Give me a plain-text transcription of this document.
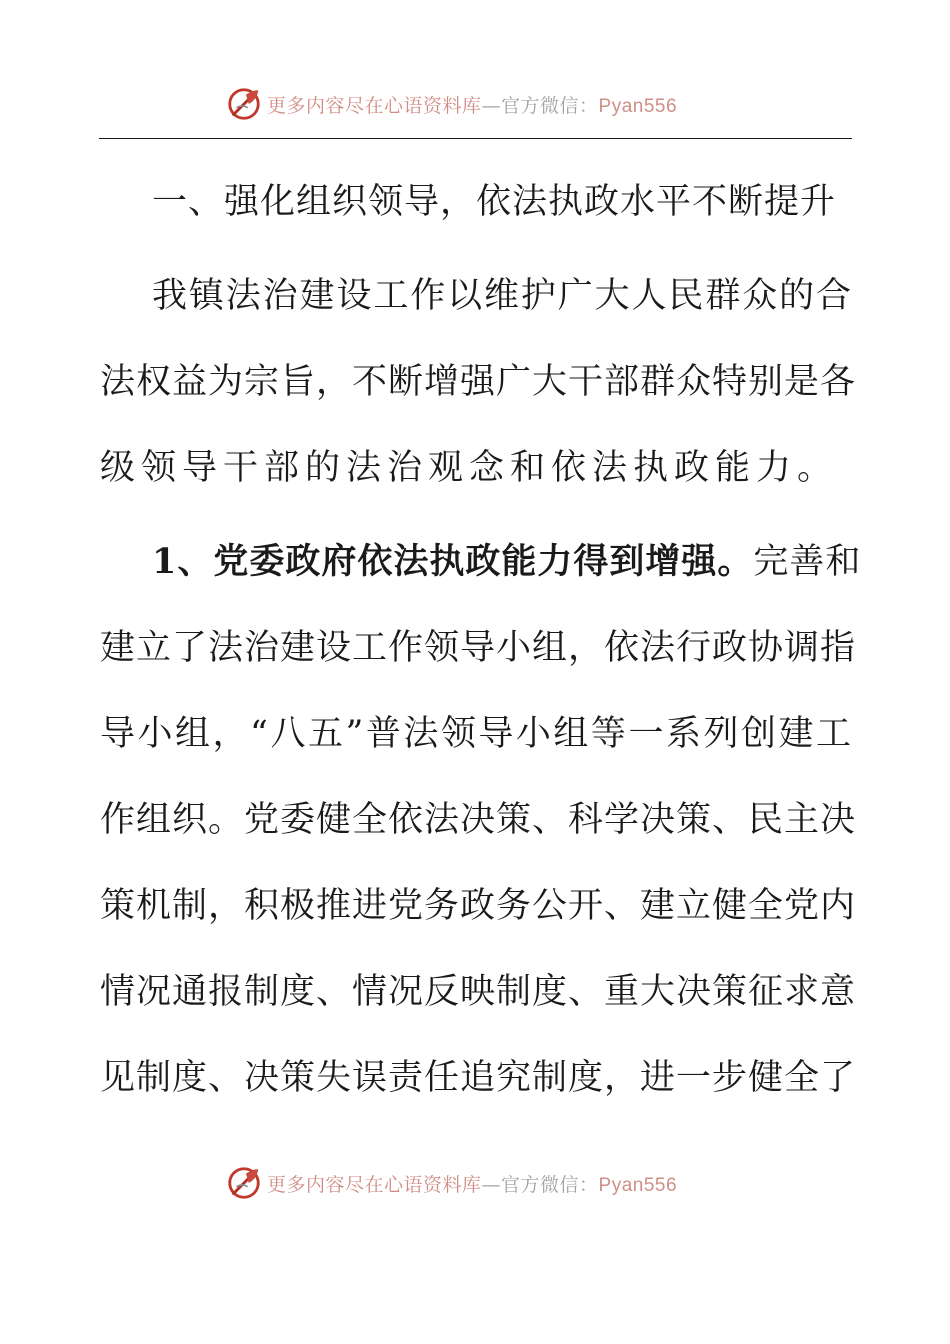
更多内容尽在心语资料库—官方微信：Pyan556
一、强化组织领导，依法执政水平不断提升
我镇法治建设工作以维护广大人民群众的合
法权益为宗旨，不断增强广大干部群众特别是各
级领导干部的法治观念和依法执政能力。
1、党委政府依法执政能力得到增强。完善和
建立了法治建设工作领导小组，依法行政协调指
导小组，“八五”普法领导小组等一系列创建工
作组织。党委健全依法决策、科学决策、民主决
策机制，积极推进党务政务公开、建立健全党内
情况通报制度、情况反映制度、重大决策征求意
见制度、决策失误责任追究制度，进一步健全了
更多内容尽在心语资料库—官方微信：Pyan556
